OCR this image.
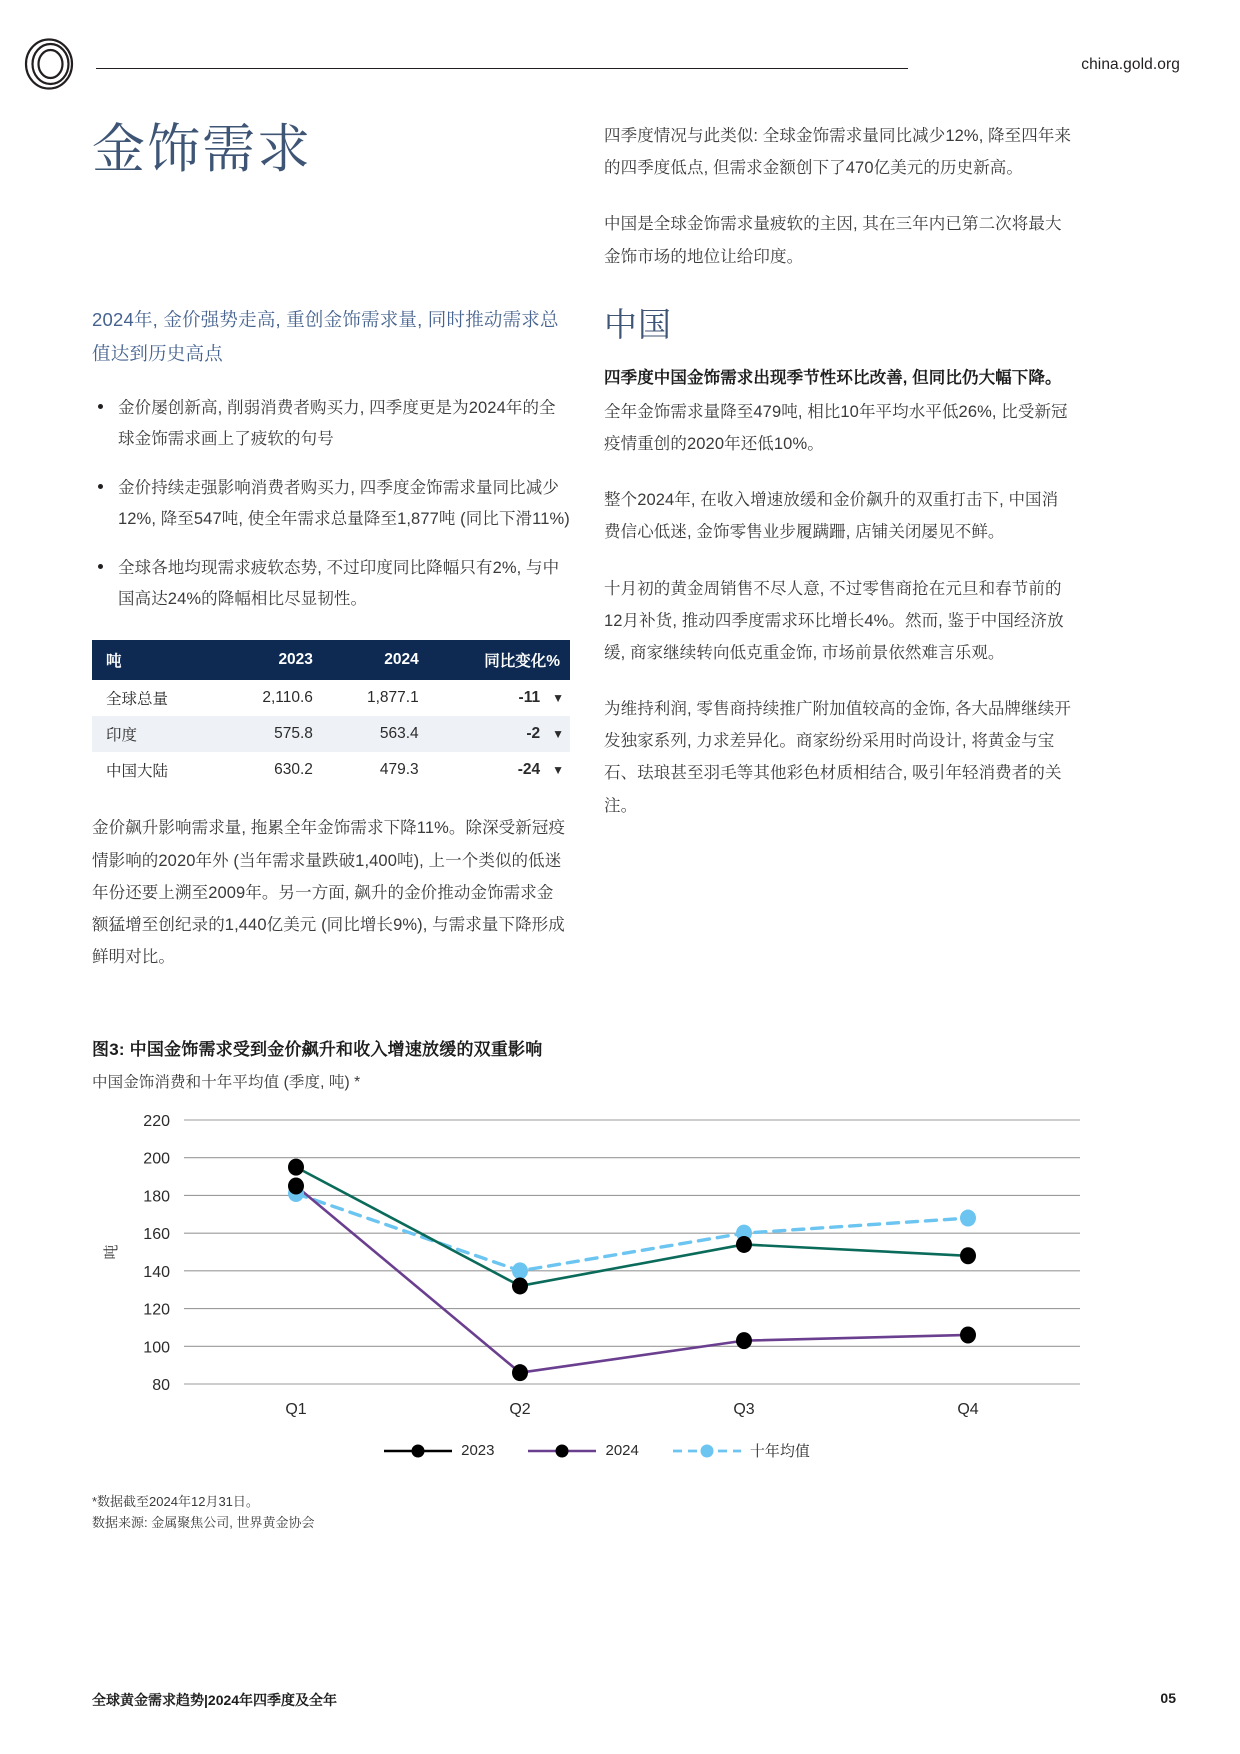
china.gold.org
金饰需求
2024年, 金价强势走高, 重创金饰需求量, 同时推动需求总值达到历史高点
金价屡创新高, 削弱消费者购买力, 四季度更是为2024年的全球金饰需求画上了疲软的句号
金价持续走强影响消费者购买力, 四季度金饰需求量同比减少12%, 降至547吨, 使全年需求总量降至1,877吨 (同比下滑11%)
全球各地均现需求疲软态势, 不过印度同比降幅只有2%, 与中国高达24%的降幅相比尽显韧性。
吨	2023	2024	同比变化%
全球总量	2,110.6	1,877.1	-11 ▼
印度	575.8	563.4	-2 ▼
中国大陆	630.2	479.3	-24 ▼
金价飙升影响需求量, 拖累全年金饰需求下降11%。除深受新冠疫情影响的2020年外 (当年需求量跌破1,400吨), 上一个类似的低迷年份还要上溯至2009年。另一方面, 飙升的金价推动金饰需求金额猛增至创纪录的1,440亿美元 (同比增长9%), 与需求量下降形成鲜明对比。
四季度情况与此类似: 全球金饰需求量同比减少12%, 降至四年来的四季度低点, 但需求金额创下了470亿美元的历史新高。
中国是全球金饰需求量疲软的主因, 其在三年内已第二次将最大金饰市场的地位让给印度。
中国
四季度中国金饰需求出现季节性环比改善, 但同比仍大幅下降。
全年金饰需求量降至479吨, 相比10年平均水平低26%, 比受新冠疫情重创的2020年还低10%。
整个2024年, 在收入增速放缓和金价飙升的双重打击下, 中国消费信心低迷, 金饰零售业步履蹒跚, 店铺关闭屡见不鲜。
十月初的黄金周销售不尽人意, 不过零售商抢在元旦和春节前的12月补货, 推动四季度需求环比增长4%。然而, 鉴于中国经济放缓, 商家继续转向低克重金饰, 市场前景依然难言乐观。
为维持利润, 零售商持续推广附加值较高的金饰, 各大品牌继续开发独家系列, 力求差异化。商家纷纷采用时尚设计, 将黄金与宝石、珐琅甚至羽毛等其他彩色材质相结合, 吸引年轻消费者的关注。
图3: 中国金饰需求受到金价飙升和收入增速放缓的双重影响
中国金饰消费和十年平均值 (季度, 吨) *
80
100
120
140
160
180
200
220
吨
Q1	Q2	Q3	Q4
2023	2024	十年均值
*数据截至2024年12月31日。
数据来源: 金属聚焦公司, 世界黄金协会
全球黄金需求趋势|2024年四季度及全年	05
